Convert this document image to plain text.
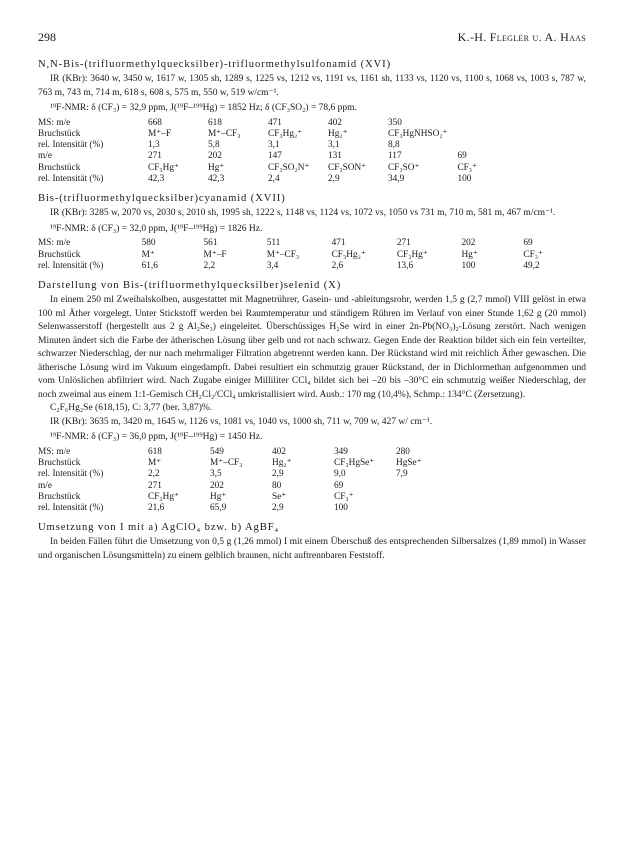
298	K.-H. Flegler u. A. Haas
N,N-Bis-(trifluormethylquecksilber)-trifluormethylsulfonamid (XVI)

IR (KBr): 3640 w, 3450 w, 1617 w, 1305 sh, 1289 s, 1225 vs, 1212 vs, 1191 vs, 1161 sh, 1133 vs, 1120 vs, 1100 s, 1068 vs, 1003 s, 787 w, 763 m, 743 m, 714 m, 618 s, 608 s, 575 m, 550 w, 519 w/cm⁻¹.

¹⁹F-NMR: δ (CF₃) = 32,9 ppm, J(¹⁹F–¹⁹⁹Hg) = 1852 Hz; δ (CF₃SO₂) = 78,6 ppm.

MS: m/e	668	618	471	402	350	
Bruchstück	M⁺–F	M⁺–CF₃	CF₃Hg₂⁺	Hg₂⁺	CF₃HgNHSO₂⁺	
rel. Intensität (%)	1,3	5,8	3,1	3,1	8,8	
m/e	271	202	147	131	117	69
Bruchstück	CF₃Hg⁺	Hg⁺	CF₃SO₂N⁺	CF₃SON⁺	CF₃SO⁺	CF₃⁺
rel. Intensität (%)	42,3	42,3	2,4	2,9	34,9	100
Bis-(trifluormethylquecksilber)cyanamid (XVII)

IR (KBr): 3285 w, 2070 vs, 2030 s, 2010 sh, 1995 sh, 1222 s, 1148 vs, 1124 vs, 1072 vs, 1050 vs 731 m, 710 m, 581 m, 467 m/cm⁻¹.

¹⁹F-NMR: δ (CF₃) = 32,0 ppm, J(¹⁹F–¹⁹⁹Hg) = 1826 Hz.

MS: m/e	580	561	511	471	271	202	69
Bruchstück	M⁺	M⁺–F	M⁺–CF₃	CF₃Hg₂⁺	CF₃Hg⁺	Hg⁺	CF₃⁺
rel. Intensität (%)	61,6	2,2	3,4	2,6	13,6	100	49,2
Darstellung von Bis-(trifluormethylquecksilber)selenid (X)

In einem 250 ml Zweihalskolben, ausgestattet mit Magnetrührer, Gasein- und -ableitungsrohr, werden 1,5 g (2,7 mmol) VIII gelöst in etwa 100 ml Äther vorgelegt. Unter Stickstoff werden bei Raumtemperatur und ständigem Rühren im Verlauf von einer Stunde 1,62 g (20 mmol) Selenwasserstoff (hergestellt aus 2 g Al₂Se₃) eingeleitet. Überschüssiges H₂Se wird in einer 2n-Pb(NO₃)₂-Lösung zerstört. Nach wenigen Minuten ändert sich die Farbe der ätherischen Lösung über gelb und rot nach schwarz. Gegen Ende der Reaktion bildet sich ein fein verteilter, schwarzer Niederschlag, der nur nach mehrmaliger Filtration abgetrennt werden kann. Der Rückstand wird mit reichlich Äther gewaschen. Die ätherische Lösung wird im Vakuum eingedampft. Dabei resultiert ein schmutzig grauer Rückstand, der in Dichlormethan aufgenommen und vom Unlöslichen abfiltriert wird. Nach Zugabe einiger Milliliter CCl₄ bildet sich bei –20 bis –30°C ein schmutzig weißer Niederschlag, der noch zweimal aus einem 1:1-Gemisch CH₂Cl₂/CCl₄ umkristallisiert wird. Ausb.: 170 mg (10,4%), Schmp.: 134°C (Zersetzung).

C₂F₆Hg₂Se (618,15), C: 3,77 (ber. 3,87)%.

IR (KBr): 3635 m, 3420 m, 1645 w, 1126 vs, 1081 vs, 1040 vs, 1000 sh, 711 w, 709 w, 427 w/ cm⁻¹.

¹⁹F-NMR: δ (CF₃) = 36,0 ppm, J(¹⁹F–¹⁹⁹Hg) = 1450 Hz.

MS: m/e	618	549	402	349	280
Bruchstück	M⁺	M⁺–CF₃	Hg₂⁺	CF₃HgSe⁺	HgSe⁺
rel. Intensität (%)	2,2	3,5	2,9	9,0	7,9
m/e	271	202	80	69	
Bruchstück	CF₃Hg⁺	Hg⁺	Se⁺	CF₃⁺	
rel. Intensität (%)	21,6	65,9	2,9	100	
Umsetzung von I mit a) AgClO₄ bzw. b) AgBF₄

In beiden Fällen führt die Umsetzung von 0,5 g (1,26 mmol) I mit einem Überschuß des entsprechenden Silbersalzes (1,89 mmol) in Wasser und organischen Lösungsmitteln) zu einem gelblich braunen, nicht auftrennbaren Feststoff.
